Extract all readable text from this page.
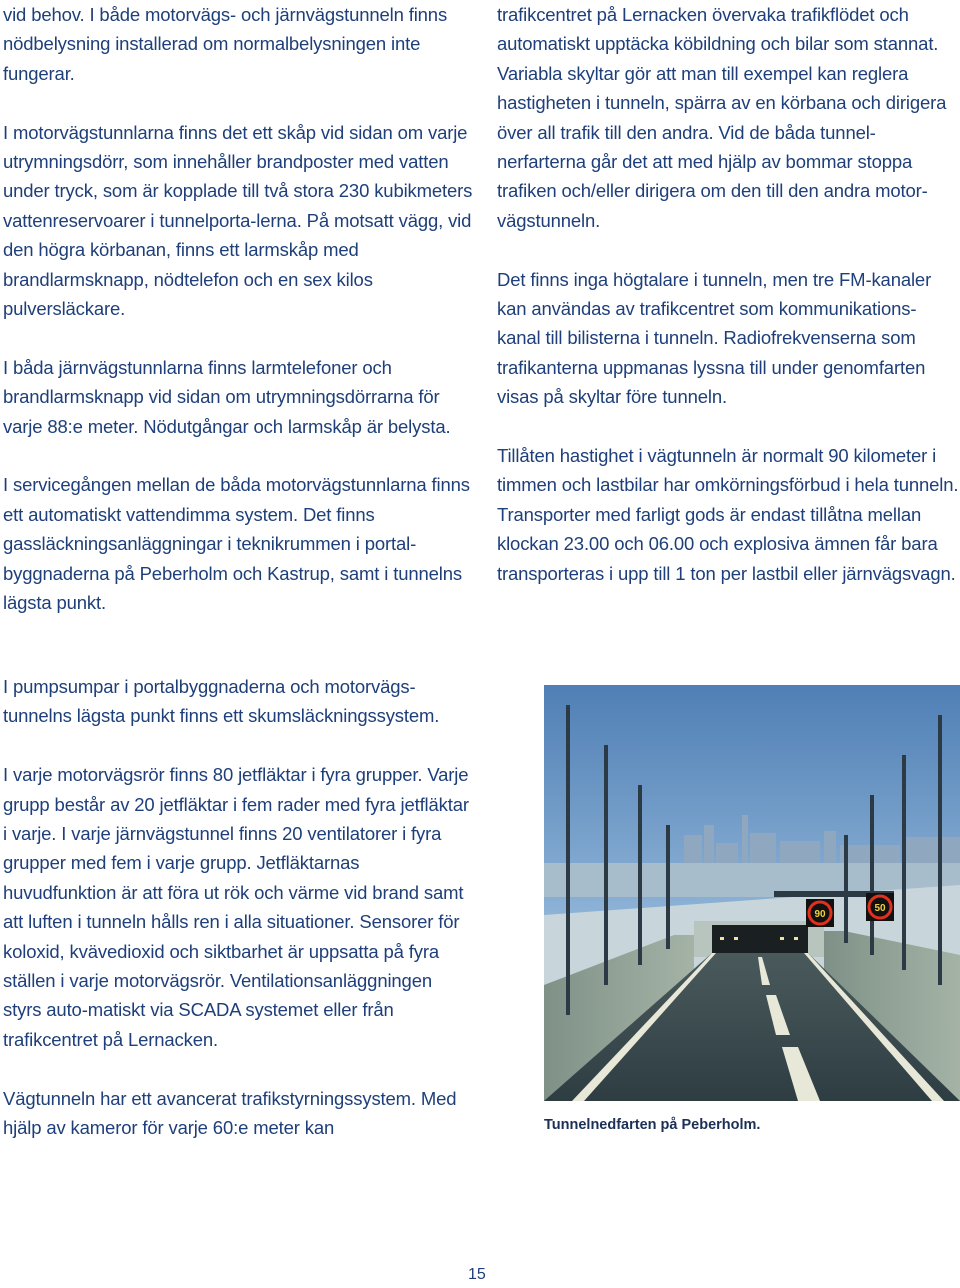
vid behov. I både motorvägs- och järnvägstunneln finns nödbelysning installerad om normalbelysningen inte fungerar.

I motorvägstunnlarna finns det ett skåp vid sidan om varje utrymningsdörr, som innehåller brandposter med vatten under tryck, som är kopplade till två stora 230 kubikmeters vattenreservoarer i tunnelporta-lerna. På motsatt vägg, vid den högra körbanan, finns ett larmskåp med brandlarmsknapp, nödtelefon och en sex kilos pulversläckare.

I båda järnvägstunnlarna finns larmtelefoner och brandlarmsknapp vid sidan om utrymningsdörrarna för varje 88:e meter. Nödutgångar och larmskåp är belysta.

I servicegången mellan de båda motorvägstunnlarna finns ett automatiskt vattendimma system. Det finns gassläckningsanläggningar i teknikrummen i portal-byggnaderna på Peberholm och Kastrup, samt i tunnelns lägsta punkt.

I pumpsumpar i portalbyggnaderna och motorvägs-tunnelns lägsta punkt finns ett skumsläckningssystem.

I varje motorvägsrör finns 80 jetfläktar i fyra grupper. Varje grupp består av 20 jetfläktar i fem rader med fyra jetfläktar i varje. I varje järnvägstunnel finns 20 ventilatorer i fyra grupper med fem i varje grupp. Jetfläktarnas huvudfunktion är att föra ut rök och värme vid brand samt att luften i tunneln hålls ren i alla situationer. Sensorer för koloxid, kvävedioxid och siktbarhet är uppsatta på fyra ställen i varje motorvägsrör. Ventilationsanläggningen styrs auto-matiskt via SCADA systemet eller från trafikcentret på Lernacken.

Vägtunneln har ett avancerat trafikstyrningssystem. Med hjälp av kameror för varje 60:e meter kan

trafikcentret på Lernacken övervaka trafikflödet och automatiskt upptäcka köbildning och bilar som stannat. Variabla skyltar gör att man till exempel kan reglera hastigheten i tunneln, spärra av en körbana och dirigera över all trafik till den andra. Vid de båda tunnel-nerfarterna går det att med hjälp av bommar stoppa trafiken och/eller dirigera om den till den andra motor-vägstunneln.

Det finns inga högtalare i tunneln, men tre FM-kanaler kan användas av trafikcentret som kommunikations-kanal till bilisterna i tunneln. Radiofrekvenserna som trafikanterna uppmanas lyssna till under genomfarten visas på skyltar före tunneln.

Tillåten hastighet i vägtunneln är normalt 90 kilometer i timmen och lastbilar har omkörningsförbud i hela tunneln. Transporter med farligt gods är endast tillåtna mellan klockan 23.00 och 06.00 och explosiva ämnen får bara transporteras i upp till 1 ton per lastbil eller järnvägsvagn.

90
50
Tunnelnedfarten på Peberholm.
15
